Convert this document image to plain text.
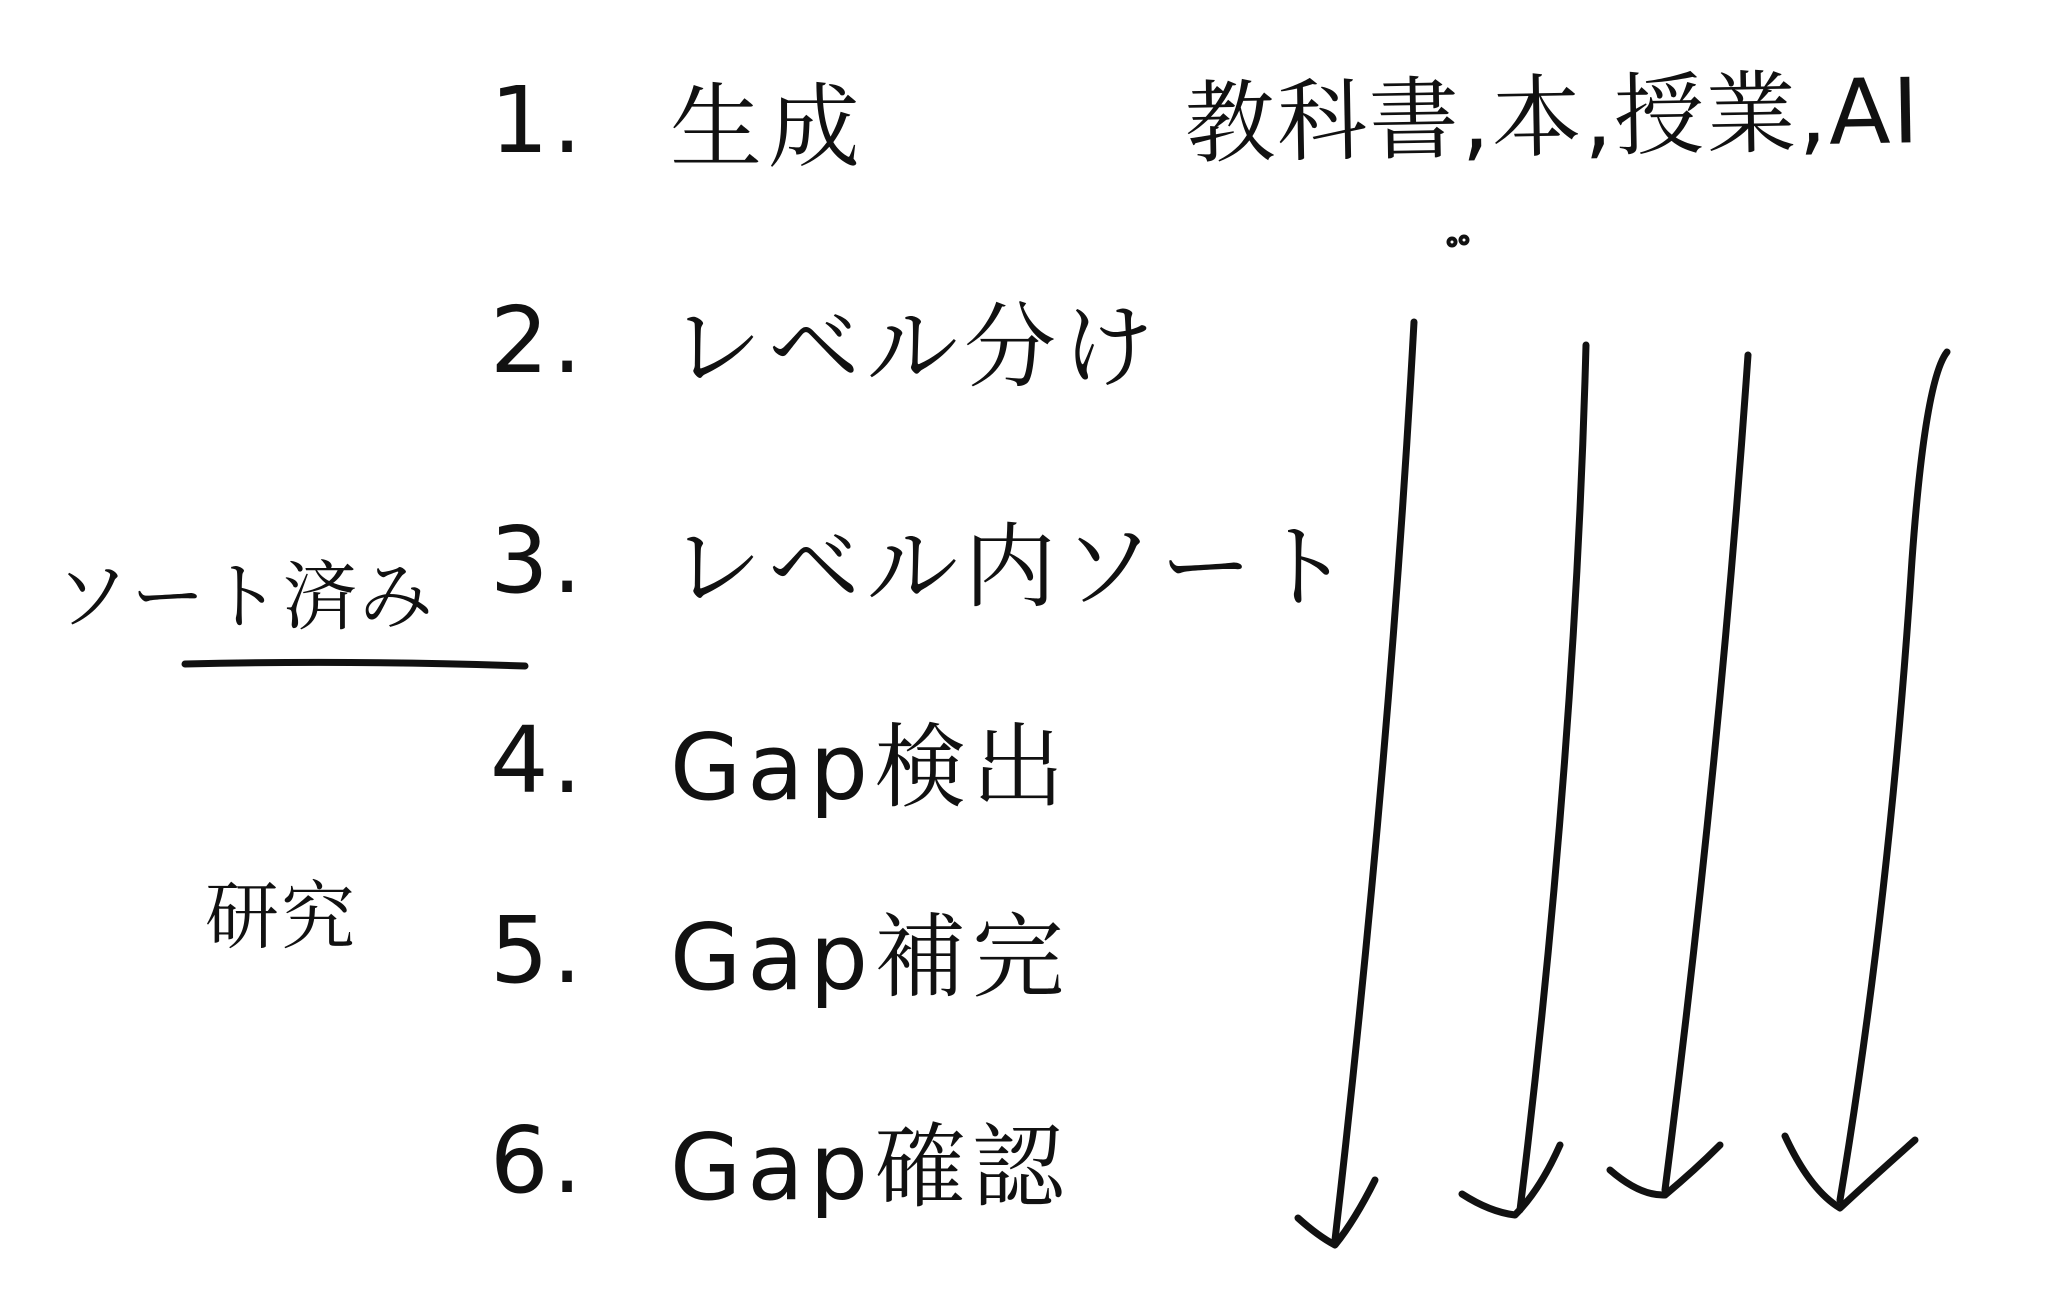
1. 生成
2. レベル分け
3. レベル内ソート
4. Gap検出
5. Gap補完
6. Gap確認
教科書,本,授業,AI
ソート済み
研究
